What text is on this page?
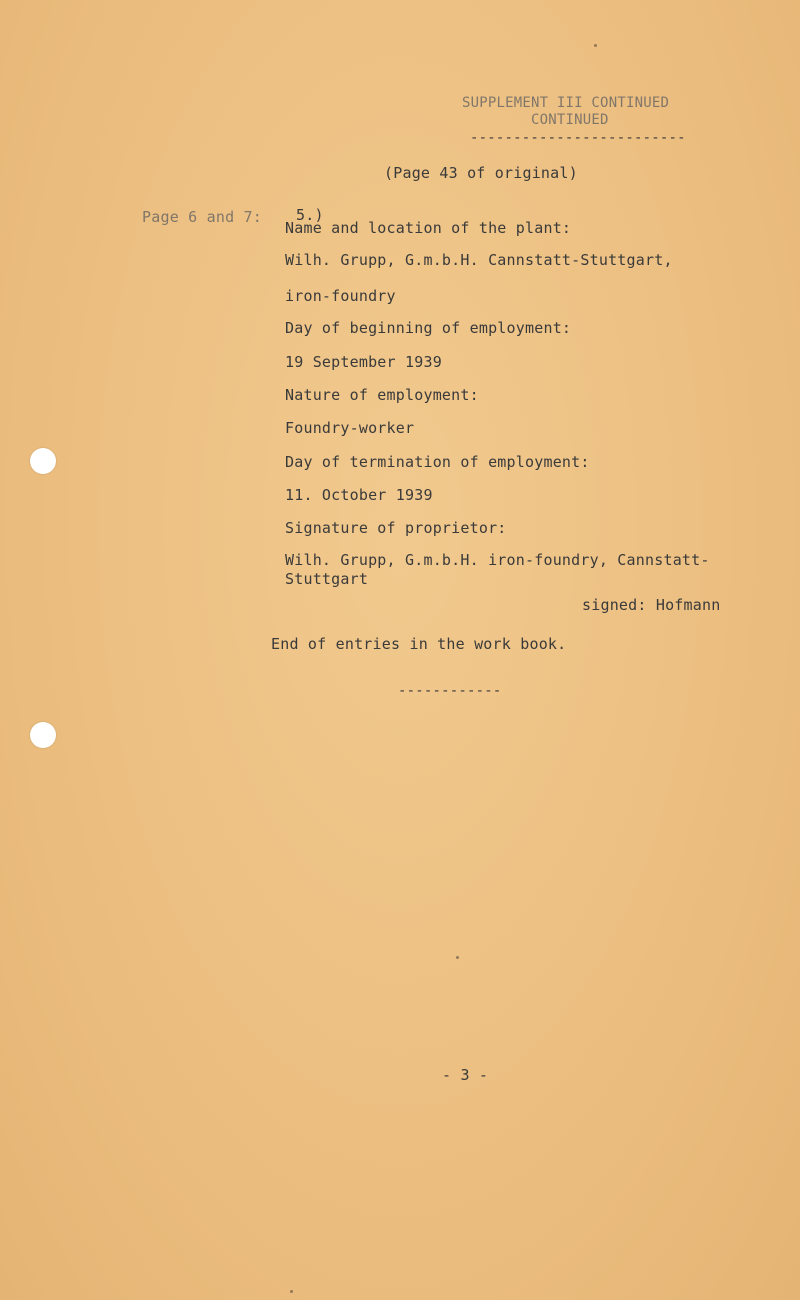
SUPPLEMENT III CONTINUED

CONTINUED

-------------------------

(Page 43 of original)

Page 6 and 7: 5.)

Name and location of the plant:

Wilh. Grupp, G.m.b.H. Cannstatt-Stuttgart,

iron-foundry

Day of beginning of employment:

19 September 1939

Nature of employment:

Foundry-worker

Day of termination of employment:

11. October 1939

Signature of proprietor:

Wilh. Grupp, G.m.b.H. iron-foundry, Cannstatt-

Stuttgart

signed: Hofmann

End of entries in the work book.

------------

- 3 -
